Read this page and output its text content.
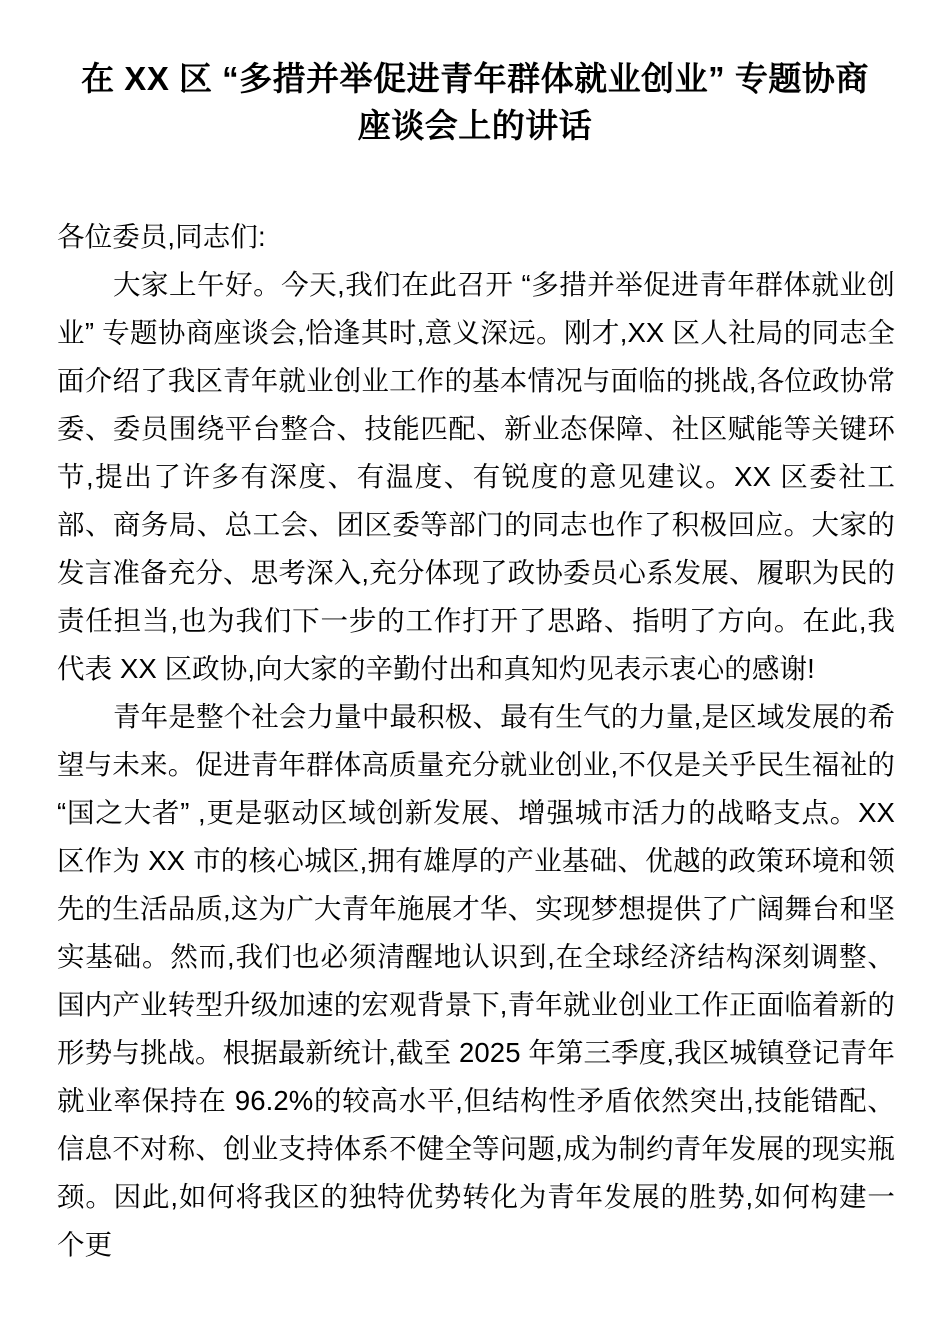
在 XX 区 “多措并举促进青年群体就业创业” 专题协商
座谈会上的讲话

各位委员,同志们:

大家上午好。今天,我们在此召开 “多措并举促进青年群体就业创业” 专题协商座谈会,恰逢其时,意义深远。刚才,XX 区人社局的同志全面介绍了我区青年就业创业工作的基本情况与面临的挑战,各位政协常委、委员围绕平台整合、技能匹配、新业态保障、社区赋能等关键环节,提出了许多有深度、有温度、有锐度的意见建议。XX 区委社工部、商务局、总工会、团区委等部门的同志也作了积极回应。大家的发言准备充分、思考深入,充分体现了政协委员心系发展、履职为民的责任担当,也为我们下一步的工作打开了思路、指明了方向。在此,我代表 XX 区政协,向大家的辛勤付出和真知灼见表示衷心的感谢!

青年是整个社会力量中最积极、最有生气的力量,是区域发展的希望与未来。促进青年群体高质量充分就业创业,不仅是关乎民生福祉的 “国之大者” ,更是驱动区域创新发展、增强城市活力的战略支点。XX 区作为 XX 市的核心城区,拥有雄厚的产业基础、优越的政策环境和领先的生活品质,这为广大青年施展才华、实现梦想提供了广阔舞台和坚实基础。然而,我们也必须清醒地认识到,在全球经济结构深刻调整、国内产业转型升级加速的宏观背景下,青年就业创业工作正面临着新的形势与挑战。根据最新统计,截至 2025 年第三季度,我区城镇登记青年就业率保持在 96.2%的较高水平,但结构性矛盾依然突出,技能错配、信息不对称、创业支持体系不健全等问题,成为制约青年发展的现实瓶颈。因此,如何将我区的独特优势转化为青年发展的胜势,如何构建一个更
